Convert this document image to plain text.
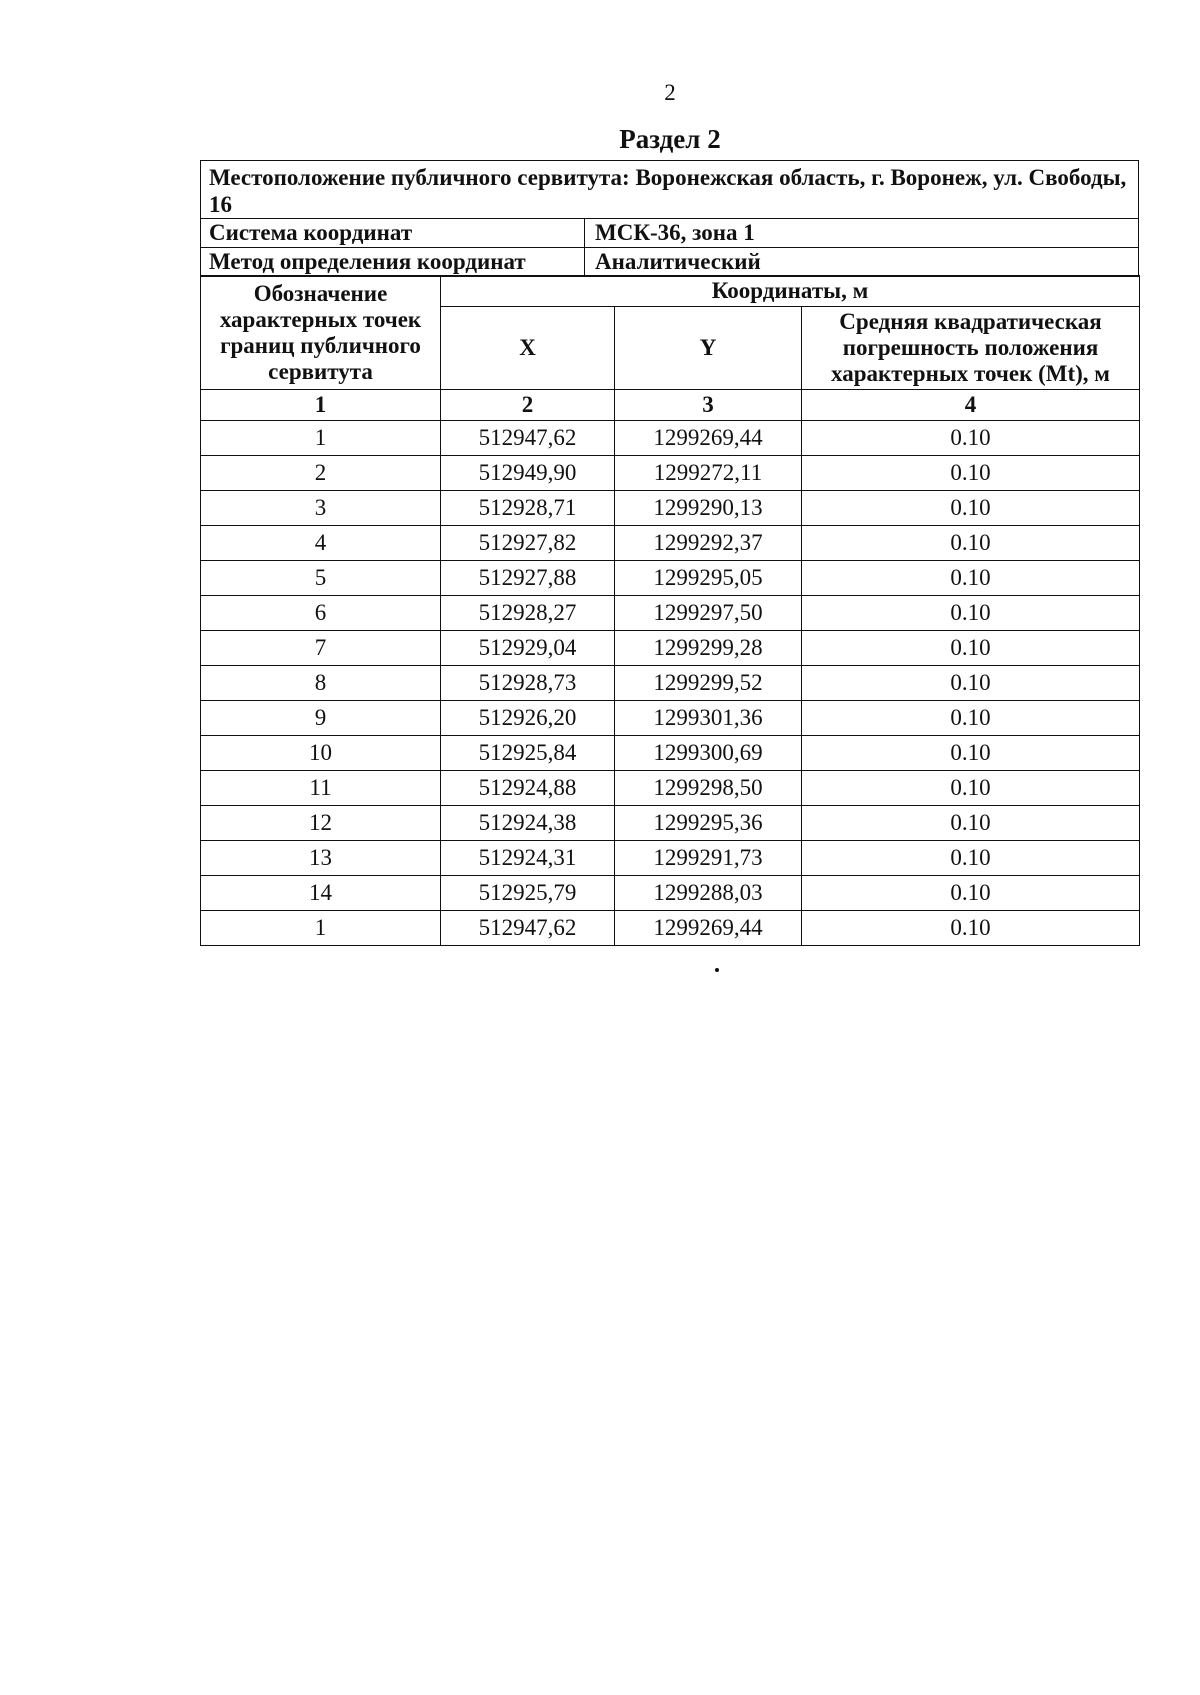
2
Раздел 2
Местоположение публичного сервитута: Воронежская область, г. Воронеж, ул. Свободы, 16
Система координат	МСК-36, зона 1
Метод определения координат	Аналитический
Обозначение характерных точек границ публичного сервитута	Координаты, м		
	X	Y	Средняя квадратическая погрешность положения характерных точек (Mt), м
1	2	3	4
1	512947,62	1299269,44	0.10
2	512949,90	1299272,11	0.10
3	512928,71	1299290,13	0.10
4	512927,82	1299292,37	0.10
5	512927,88	1299295,05	0.10
6	512928,27	1299297,50	0.10
7	512929,04	1299299,28	0.10
8	512928,73	1299299,52	0.10
9	512926,20	1299301,36	0.10
10	512925,84	1299300,69	0.10
11	512924,88	1299298,50	0.10
12	512924,38	1299295,36	0.10
13	512924,31	1299291,73	0.10
14	512925,79	1299288,03	0.10
1	512947,62	1299269,44	0.10
